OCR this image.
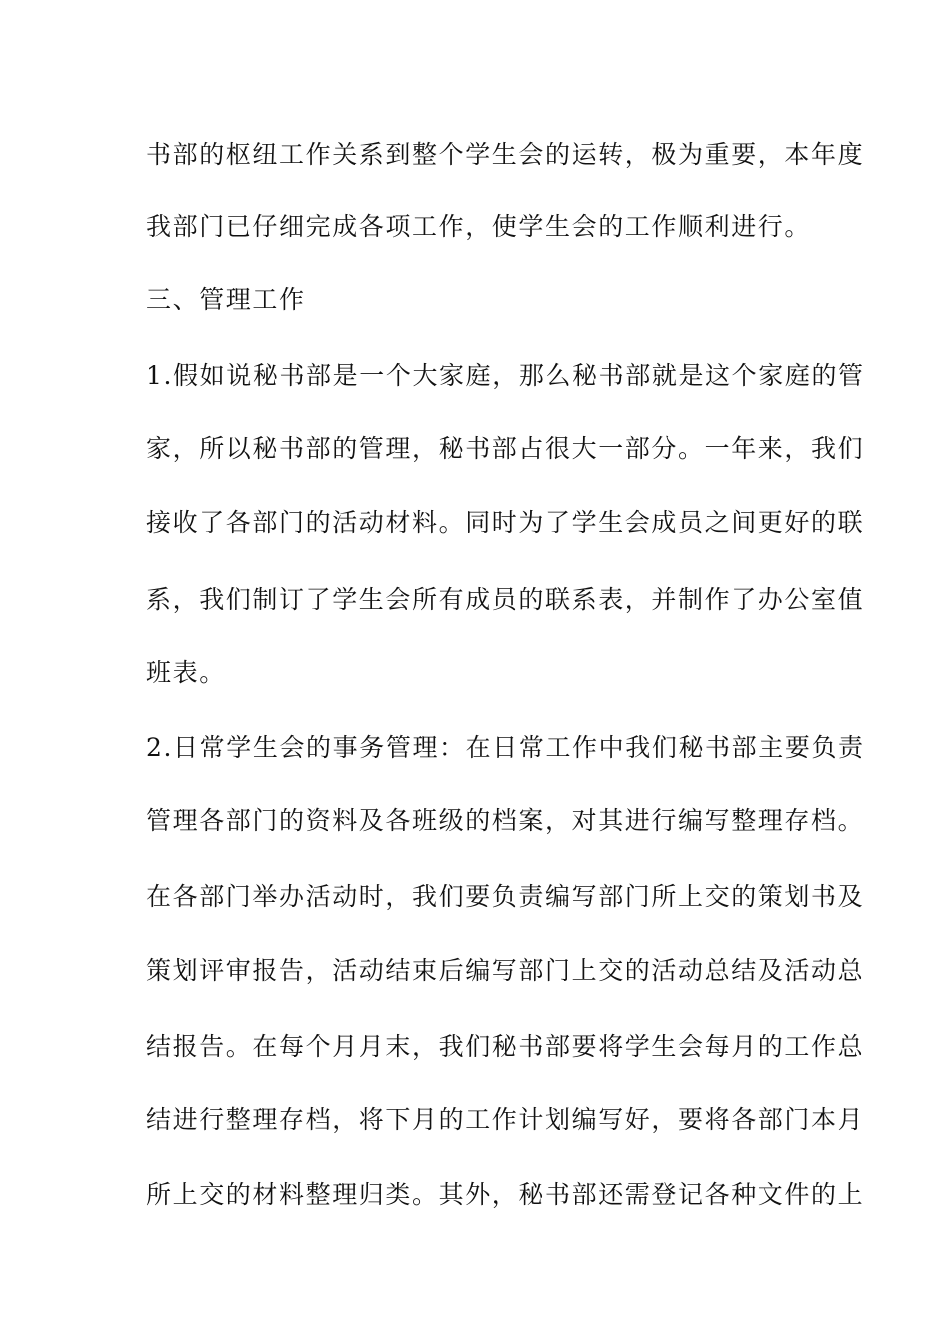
书部的枢纽工作关系到整个学生会的运转，极为重要，本年度
我部门已仔细完成各项工作，使学生会的工作顺利进行。
三、管理工作
1.假如说秘书部是一个大家庭，那么秘书部就是这个家庭的管
家，所以秘书部的管理，秘书部占很大一部分。一年来，我们
接收了各部门的活动材料。同时为了学生会成员之间更好的联
系，我们制订了学生会所有成员的联系表，并制作了办公室值
班表。
2.日常学生会的事务管理：在日常工作中我们秘书部主要负责
管理各部门的资料及各班级的档案，对其进行编写整理存档。
在各部门举办活动时，我们要负责编写部门所上交的策划书及
策划评审报告，活动结束后编写部门上交的活动总结及活动总
结报告。在每个月月末，我们秘书部要将学生会每月的工作总
结进行整理存档，将下月的工作计划编写好，要将各部门本月
所上交的材料整理归类。其外，秘书部还需登记各种文件的上
